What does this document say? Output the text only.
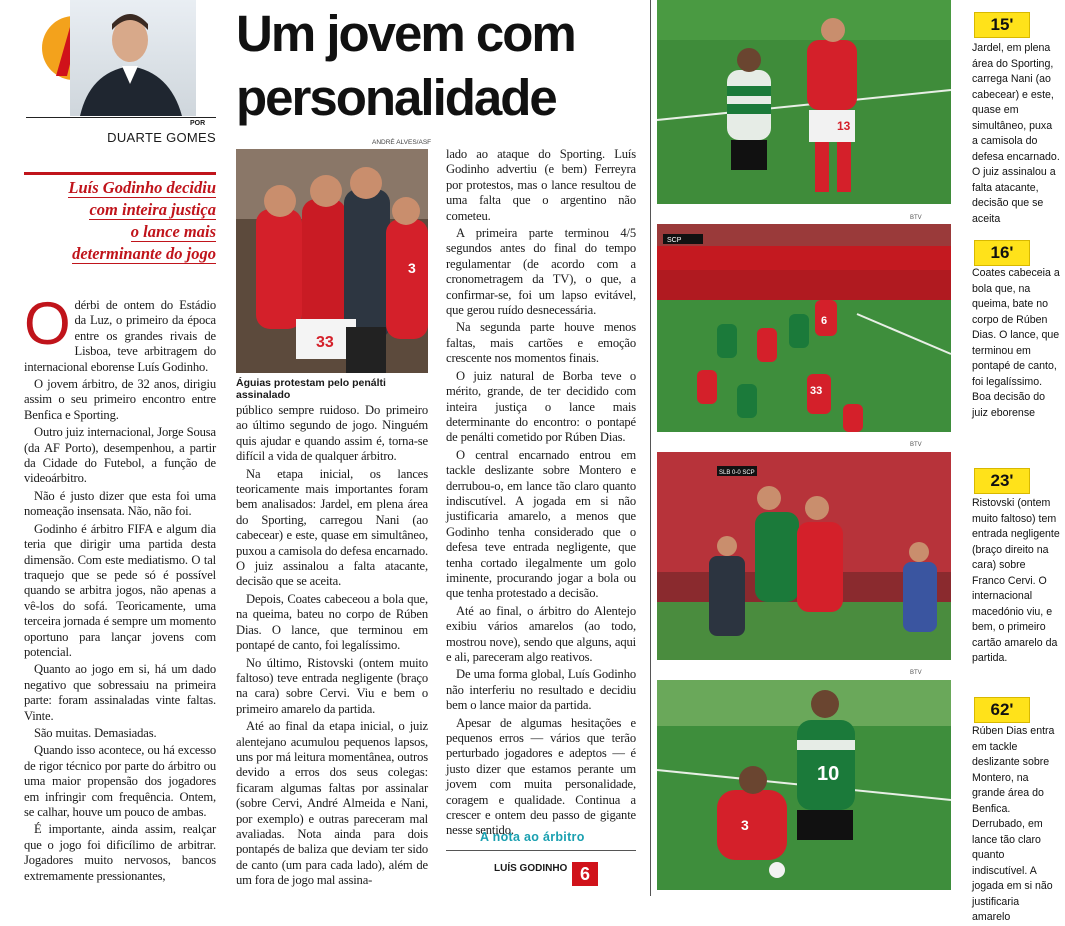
POR
DUARTE GOMES
Luís Godinho decidiu
com inteira justiça
o lance mais
determinante do jogo
Um jovem com
personalidade

Odérbi de ontem do Estádio da Luz, o primeiro da época entre os grandes rivais de Lisboa, teve arbitragem do internacional eborense Luís Godinho.

O jovem árbitro, de 32 anos, dirigiu assim o seu primeiro encontro entre Benfica e Sporting.

Outro juiz internacional, Jorge Sousa (da AF Porto), desempenhou, a partir da Cidade do Futebol, a função de videoárbitro.

Não é justo dizer que esta foi uma nomeação insensata. Não, não foi.

Godinho é árbitro FIFA e algum dia teria que dirigir uma partida desta dimensão. Com este mediatismo. O tal traquejo que se pede só é possível quando se arbitra jogos, não apenas a vê-los do sofá. Teoricamente, uma terceira jornada é sempre um momento oportuno para lançar jovens com potencial.

Quanto ao jogo em si, há um dado negativo que sobressaiu na primeira parte: foram assinaladas vinte faltas. Vinte.

São muitas. Demasiadas.

Quando isso acontece, ou há excesso de rigor técnico por parte do árbitro ou uma maior propensão dos jogadores em infringir com frequência. Ontem, se calhar, houve um pouco de ambas.

É importante, ainda assim, realçar que o jogo foi dificílimo de arbitrar. Jogadores muito nervosos, bancos extremamente pressionantes,

ANDRÉ ALVES/ASF
33
3
Águias protestam pelo penálti assinalado

público sempre ruidoso. Do primeiro ao último segundo de jogo. Ninguém quis ajudar e quando assim é, torna-se difícil a vida de qualquer árbitro.

Na etapa inicial, os lances teoricamente mais importantes foram bem analisados: Jardel, em plena área do Sporting, carregou Nani (ao cabecear) e este, quase em simultâneo, puxou a camisola do defesa encarnado. O juiz assinalou a falta atacante, decisão que se aceita.

Depois, Coates cabeceou a bola que, na queima, bateu no corpo de Rúben Dias. O lance, que terminou em pontapé de canto, foi legalíssimo.

No último, Ristovski (ontem muito faltoso) teve entrada negligente (braço na cara) sobre Cervi. Viu e bem o primeiro amarelo da partida.

Até ao final da etapa inicial, o juiz alentejano acumulou pequenos lapsos, uns por má leitura momentânea, outros devido a erros dos seus colegas: ficaram algumas faltas por assinalar (sobre Cervi, André Almeida e Nani, por exemplo) e outras pareceram mal avaliadas. Nota ainda para dois pontapés de baliza que deviam ter sido de canto (um para cada lado), além de um fora de jogo mal assina-

lado ao ataque do Sporting. Luís Godinho advertiu (e bem) Ferreyra por protestos, mas o lance resultou de uma falta que o argentino não cometeu.

A primeira parte terminou 4/5 segundos antes do final do tempo regulamentar (de acordo com a cronometragem da TV), o que, a confirmar-se, foi um lapso evitável, que gerou ruído desnecessária.

Na segunda parte houve menos faltas, mais cartões e emoção crescente nos momentos finais.

O juiz natural de Borba teve o mérito, grande, de ter decidido com inteira justiça o lance mais determinante do encontro: o pontapé de penálti cometido por Rúben Dias.

O central encarnado entrou em tackle deslizante sobre Montero e derrubou-o, em lance tão claro quanto indiscutível. A jogada em si não justificaria amarelo, a menos que Godinho tenha considerado que o defesa teve entrada negligente, que tenha cortado ilegalmente um golo iminente, procurando jogar a bola ou que tenha protestado a decisão.

Até ao final, o árbitro do Alentejo exibiu vários amarelos (ao todo, mostrou nove), sendo que alguns, aqui e ali, pareceram algo reativos.

De uma forma global, Luís Godinho não interferiu no resultado e decidiu bem o lance maior da partida.

Apesar de algumas hesitações e pequenos erros — vários que terão perturbado jogadores e adeptos — é justo dizer que estamos perante um jovem com muita personalidade, coragem e qualidade. Continua a crescer e ontem deu passo de gigante nesse sentido.

A nota ao árbitro
LUÍS GODINHO 6
13
BTV
SCP
6
33
BTV
SLB 0-0 SCP
BTV
10
3
15'
Jardel, em plena área do Sporting, carrega Nani (ao cabecear) e este, quase em simultâneo, puxa a camisola do defesa encarnado. O juiz assinalou a falta atacante, decisão que se aceita
16'
Coates cabeceia a bola que, na queima, bate no corpo de Rúben Dias. O lance, que terminou em pontapé de canto, foi legalíssimo. Boa decisão do juiz eborense
23'
Ristovski (ontem muito faltoso) tem entrada negligente (braço direito na cara) sobre Franco Cervi. O internacional macedónio viu, e bem, o primeiro cartão amarelo da partida.
62'
Rúben Dias entra em tackle deslizante sobre Montero, na grande área do Benfica. Derrubado, em lance tão claro quanto indiscutível. A jogada em si não justificaria amarelo
